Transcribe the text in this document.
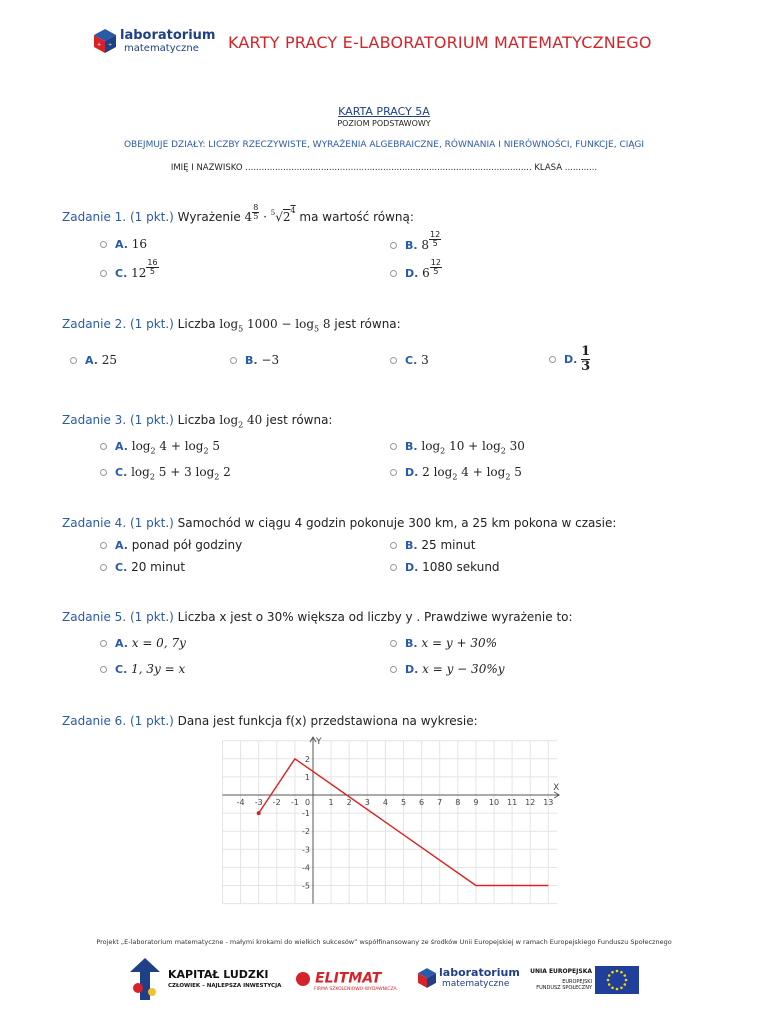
+ ÷
laboratorium
matematyczne KARTY PRACY E-LABORATORIUM MATEMATYCZNEGO
KARTA PRACY 5A
POZIOM PODSTAWOWY
OBEJMUJE DZIAŁY: LICZBY RZECZYWISTE, WYRAŻENIA ALGEBRAICZNE, RÓWNANIA I NIERÓWNOŚCI, FUNKCJE, CIĄGI
IMIĘ I NAZWISKO .......................................................................................................... KLASA ............
Zadanie 1. (1 pkt.) Wyrażenie $4 \frac{8}{5} \cdot ^5√2^4$ ma wartość równą:
A. 16	B. $8 \frac{12}{5}$
C. $12 \frac{16}{5}$	D. $6 \frac{12}{5}$
Zadanie 2. (1 pkt.) Liczba $\log_5 1000 - \log_5 8$ jest równa:
A. 25	B. −3	C. 3	D. $\frac{1}{3}$
Zadanie 3. (1 pkt.) Liczba $\log_2 40$ jest równa:
A. $\log_2 4 + \log_2 5$	B. $\log_2 10 + \log_2 30$
C. $\log_2 5 + 3$ $\log_2 2$	D. 2 $\log_2 4 + \log_2 5$
Zadanie 4. (1 pkt.) Samochód w ciągu 4 godzin pokonuje 300 km, a 25 km pokona w czasie:
A. ponad pół godziny	B. 25 minut
C. 20 minut	D. 1080 sekund
Zadanie 5. (1 pkt.) Liczba x jest o 30% większa od liczby y . Prawdziwe wyrażenie to:
A. x = 0, 7y	B. x = y + 30%
C. 1, 3y = x	D. x = y − 30%y
Zadanie 6. (1 pkt.) Dana jest funkcja f(x) przedstawiona na wykresie:
X
Y
-4 -3 -2 -1 0 1 2 3 4 5 6 7 8 9 10 11 12 13
2
1
-1
-2
-3
-4
-5
Projekt „E-laboratorium matematyczne - małymi krokami do wielkich sukcesów” współfinansowany ze środków Unii Europejskiej w ramach Europejskiego Funduszu Społecznego
KAPITAŁ LUDZKI
CZŁOWIEK – NAJLEPSZA INWESTYCJA	ELITMAT
FIRMA SZKOLENIOWO-WYDAWNICZA
laboratorium
matematyczne
UNIA EUROPEJSKA
EUROPEJSKI
FUNDUSZ SPOŁECZNY
